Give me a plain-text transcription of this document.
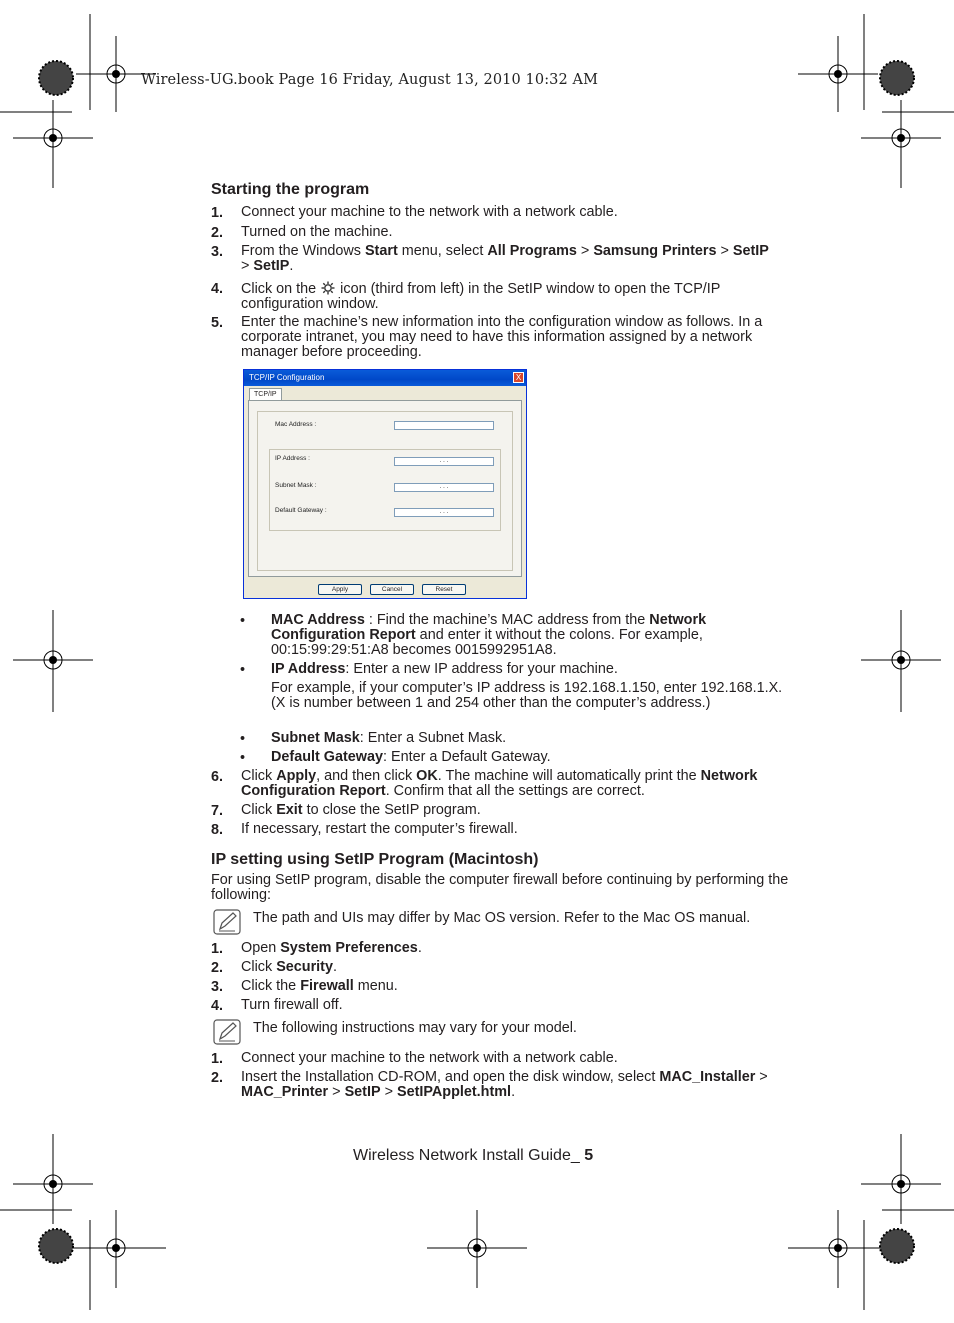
Wireless-UG.book Page 16 Friday, August 13, 2010 10:32 AM
Starting the program
1. Connect your machine to the network with a network cable.
2. Turned on the machine.
3. From the Windows Start menu, select All Programs > Samsung Printers > SetIP
> SetIP.
4. Click on the  icon (third from left) in the SetIP window to open the TCP/IP configuration window.
5. Enter the machine’s new information into the configuration window as follows. In a corporate intranet, you may need to have this information assigned by a network manager before proceeding.
TCP/IP Configuration	X
TCP/IP
Mac Address :
IP Address :	. . .
Subnet Mask :	. . .
Default Gateway :	. . .
Apply	Cancel	Reset
• MAC Address : Find the machine’s MAC address from the Network Configuration Report and enter it without the colons. For example, 00:15:99:29:51:A8 becomes 0015992951A8.
• IP Address: Enter a new IP address for your machine.
For example, if your computer’s IP address is 192.168.1.150, enter 192.168.1.X. (X is number between 1 and 254 other than the computer’s address.)
• Subnet Mask: Enter a Subnet Mask.
• Default Gateway: Enter a Default Gateway.
6. Click Apply, and then click OK. The machine will automatically print the Network Configuration Report. Confirm that all the settings are correct.
7. Click Exit to close the SetIP program.
8. If necessary, restart the computer’s firewall.
IP setting using SetIP Program (Macintosh)
For using SetIP program, disable the computer firewall before continuing by performing the following:
The path and UIs may differ by Mac OS version. Refer to the Mac OS manual.
1. Open System Preferences.
2. Click Security.
3. Click the Firewall menu.
4. Turn firewall off.
The following instructions may vary for your model.
1. Connect your machine to the network with a network cable.
2. Insert the Installation CD-ROM, and open the disk window, select MAC_Installer >
MAC_Printer > SetIP > SetIPApplet.html.
Wireless Network Install Guide_ 5
